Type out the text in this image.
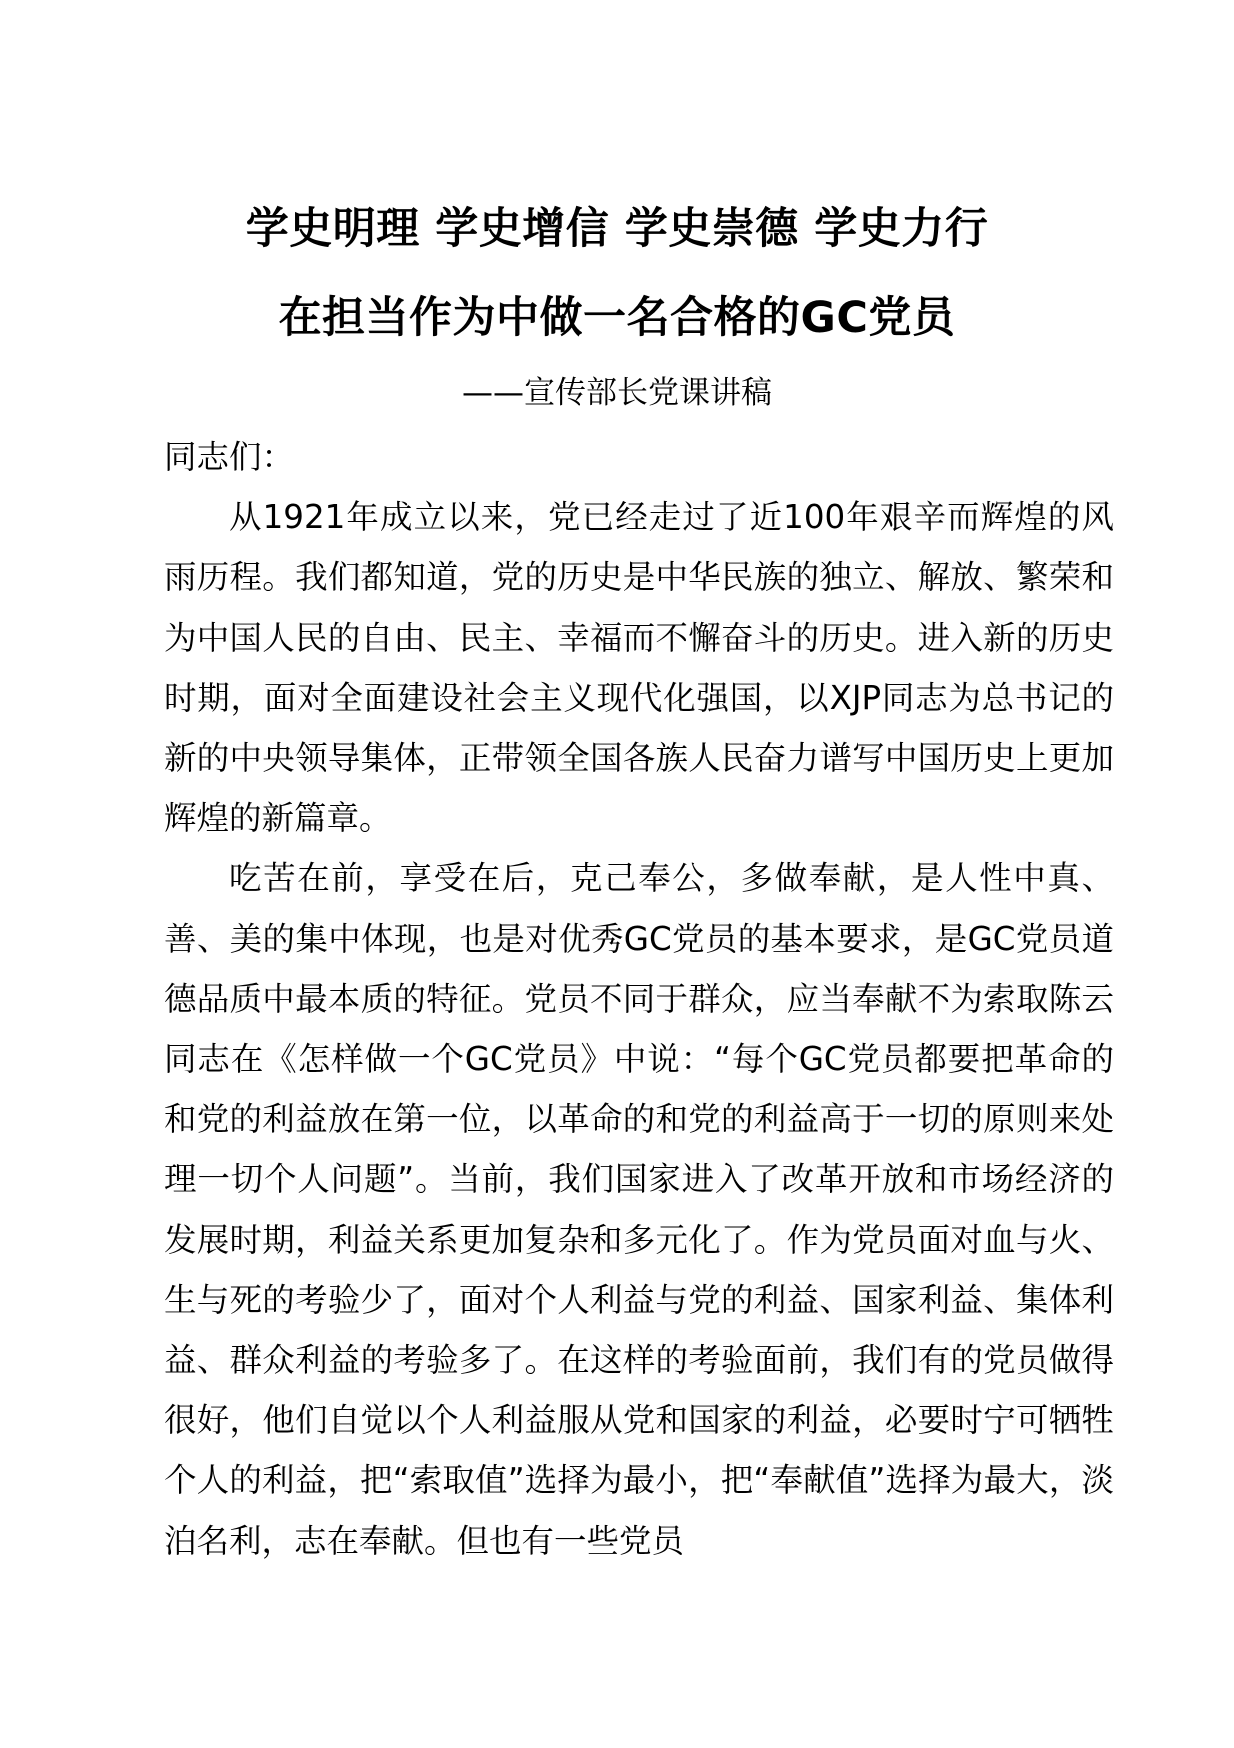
学史明理 学史增信 学史崇德 学史力行
在担当作为中做一名合格的GC党员
——宣传部长党课讲稿

同志们：

从1921年成立以来，党已经走过了近100年艰辛而辉煌的风雨历程。我们都知道，党的历史是中华民族的独立、解放、繁荣和为中国人民的自由、民主、幸福而不懈奋斗的历史。进入新的历史时期，面对全面建设社会主义现代化强国，以XJP同志为总书记的新的中央领导集体，正带领全国各族人民奋力谱写中国历史上更加辉煌的新篇章。

吃苦在前，享受在后，克己奉公，多做奉献，是人性中真、善、美的集中体现，也是对优秀GC党员的基本要求，是GC党员道德品质中最本质的特征。党员不同于群众，应当奉献不为索取陈云同志在《怎样做一个GC党员》中说：“每个GC党员都要把革命的和党的利益放在第一位，以革命的和党的利益高于一切的原则来处理一切个人问题”。当前，我们国家进入了改革开放和市场经济的发展时期，利益关系更加复杂和多元化了。作为党员面对血与火、生与死的考验少了，面对个人利益与党的利益、国家利益、集体利益、群众利益的考验多了。在这样的考验面前，我们有的党员做得很好，他们自觉以个人利益服从党和国家的利益，必要时宁可牺牲个人的利益，把“索取值”选择为最小，把“奉献值”选择为最大，淡泊名利，志在奉献。但也有一些党员
